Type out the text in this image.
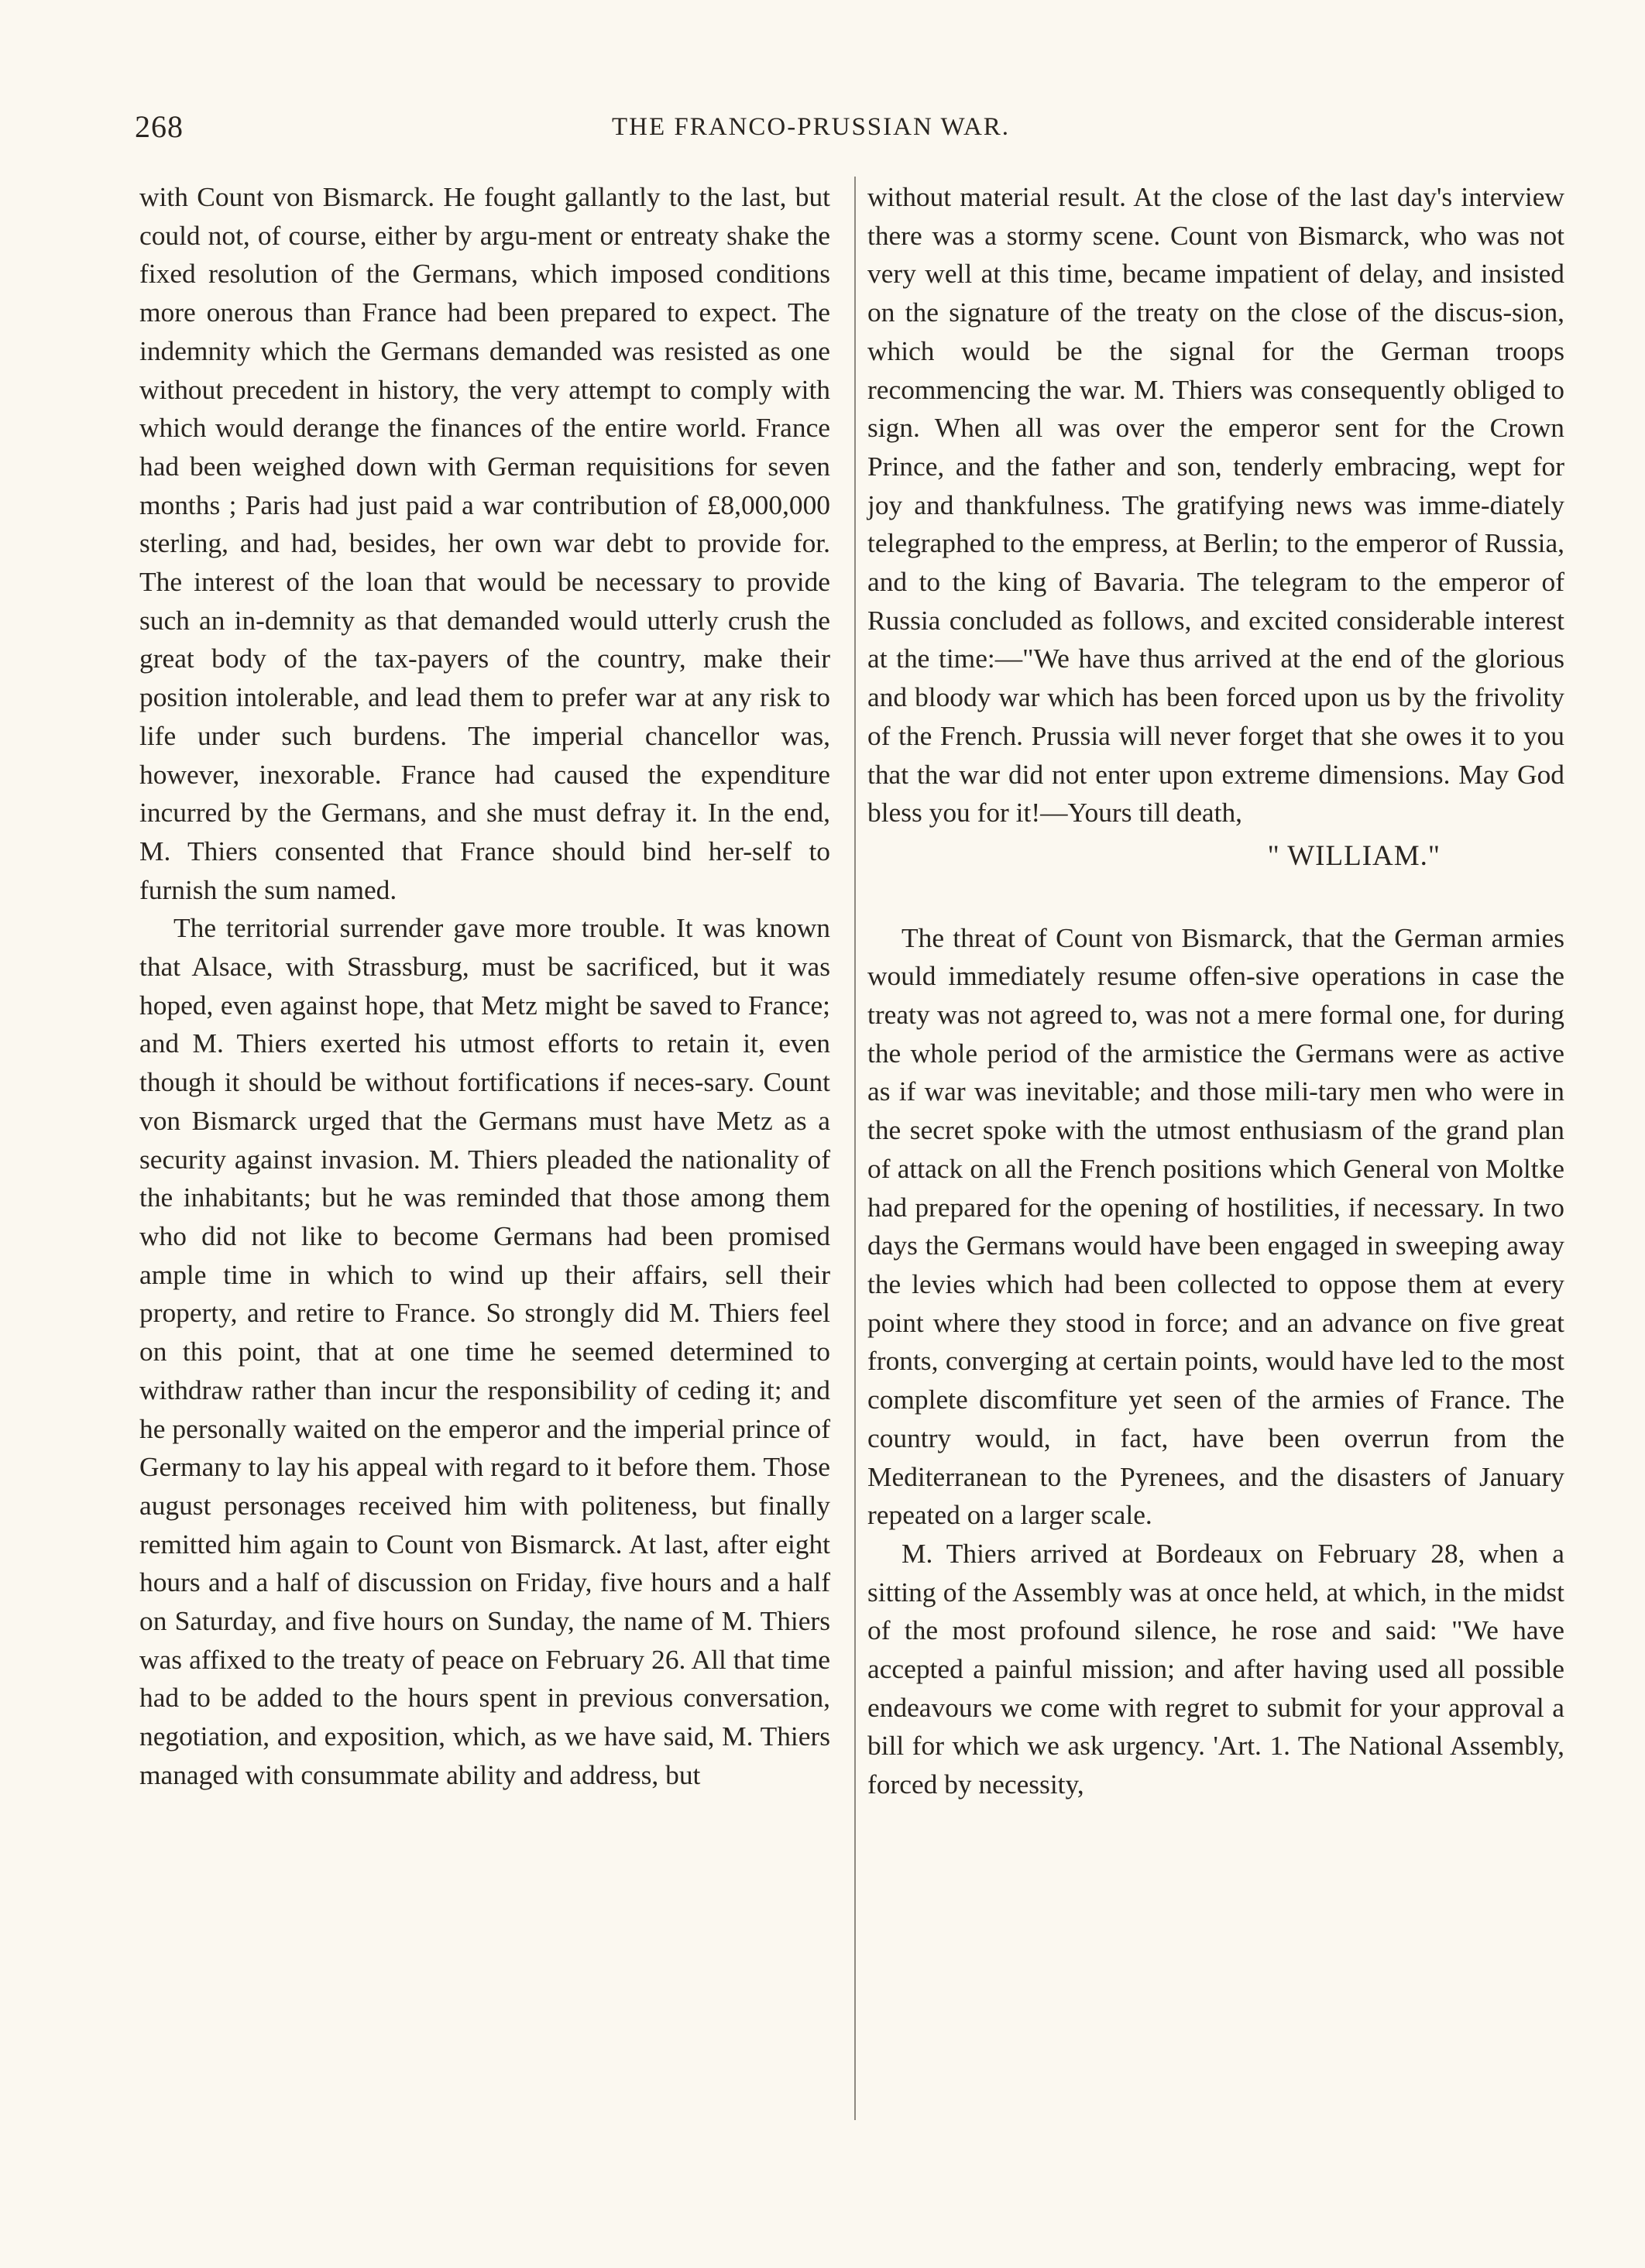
268	THE FRANCO-PRUSSIAN WAR.

with Count von Bismarck. He fought gallantly to the last, but could not, of course, either by argu-ment or entreaty shake the fixed resolution of the Germans, which imposed conditions more onerous than France had been prepared to expect. The indemnity which the Germans demanded was resisted as one without precedent in history, the very attempt to comply with which would derange the finances of the entire world. France had been weighed down with German requisitions for seven months ; Paris had just paid a war contribution of £8,000,000 sterling, and had, besides, her own war debt to provide for. The interest of the loan that would be necessary to provide such an in-demnity as that demanded would utterly crush the great body of the tax-payers of the country, make their position intolerable, and lead them to prefer war at any risk to life under such burdens. The imperial chancellor was, however, inexorable. France had caused the expenditure incurred by the Germans, and she must defray it. In the end, M. Thiers consented that France should bind her-self to furnish the sum named.

The territorial surrender gave more trouble. It was known that Alsace, with Strassburg, must be sacrificed, but it was hoped, even against hope, that Metz might be saved to France; and M. Thiers exerted his utmost efforts to retain it, even though it should be without fortifications if neces-sary. Count von Bismarck urged that the Germans must have Metz as a security against invasion. M. Thiers pleaded the nationality of the inhabitants; but he was reminded that those among them who did not like to become Germans had been promised ample time in which to wind up their affairs, sell their property, and retire to France. So strongly did M. Thiers feel on this point, that at one time he seemed determined to withdraw rather than incur the responsibility of ceding it; and he personally waited on the emperor and the imperial prince of Germany to lay his appeal with regard to it before them. Those august personages received him with politeness, but finally remitted him again to Count von Bismarck. At last, after eight hours and a half of discussion on Friday, five hours and a half on Saturday, and five hours on Sunday, the name of M. Thiers was affixed to the treaty of peace on February 26. All that time had to be added to the hours spent in previous conversation, negotiation, and exposition, which, as we have said, M. Thiers managed with consummate ability and address, but

without material result. At the close of the last day's interview there was a stormy scene. Count von Bismarck, who was not very well at this time, became impatient of delay, and insisted on the signature of the treaty on the close of the discus-sion, which would be the signal for the German troops recommencing the war. M. Thiers was consequently obliged to sign. When all was over the emperor sent for the Crown Prince, and the father and son, tenderly embracing, wept for joy and thankfulness. The gratifying news was imme-diately telegraphed to the empress, at Berlin; to the emperor of Russia, and to the king of Bavaria. The telegram to the emperor of Russia concluded as follows, and excited considerable interest at the time:—"We have thus arrived at the end of the glorious and bloody war which has been forced upon us by the frivolity of the French. Prussia will never forget that she owes it to you that the war did not enter upon extreme dimensions. May God bless you for it!—Yours till death,

" WILLIAM."

The threat of Count von Bismarck, that the German armies would immediately resume offen-sive operations in case the treaty was not agreed to, was not a mere formal one, for during the whole period of the armistice the Germans were as active as if war was inevitable; and those mili-tary men who were in the secret spoke with the utmost enthusiasm of the grand plan of attack on all the French positions which General von Moltke had prepared for the opening of hostilities, if necessary. In two days the Germans would have been engaged in sweeping away the levies which had been collected to oppose them at every point where they stood in force; and an advance on five great fronts, converging at certain points, would have led to the most complete discomfiture yet seen of the armies of France. The country would, in fact, have been overrun from the Mediterranean to the Pyrenees, and the disasters of January repeated on a larger scale.

M. Thiers arrived at Bordeaux on February 28, when a sitting of the Assembly was at once held, at which, in the midst of the most profound silence, he rose and said: "We have accepted a painful mission; and after having used all possible endeavours we come with regret to submit for your approval a bill for which we ask urgency. 'Art. 1. The National Assembly, forced by necessity,
